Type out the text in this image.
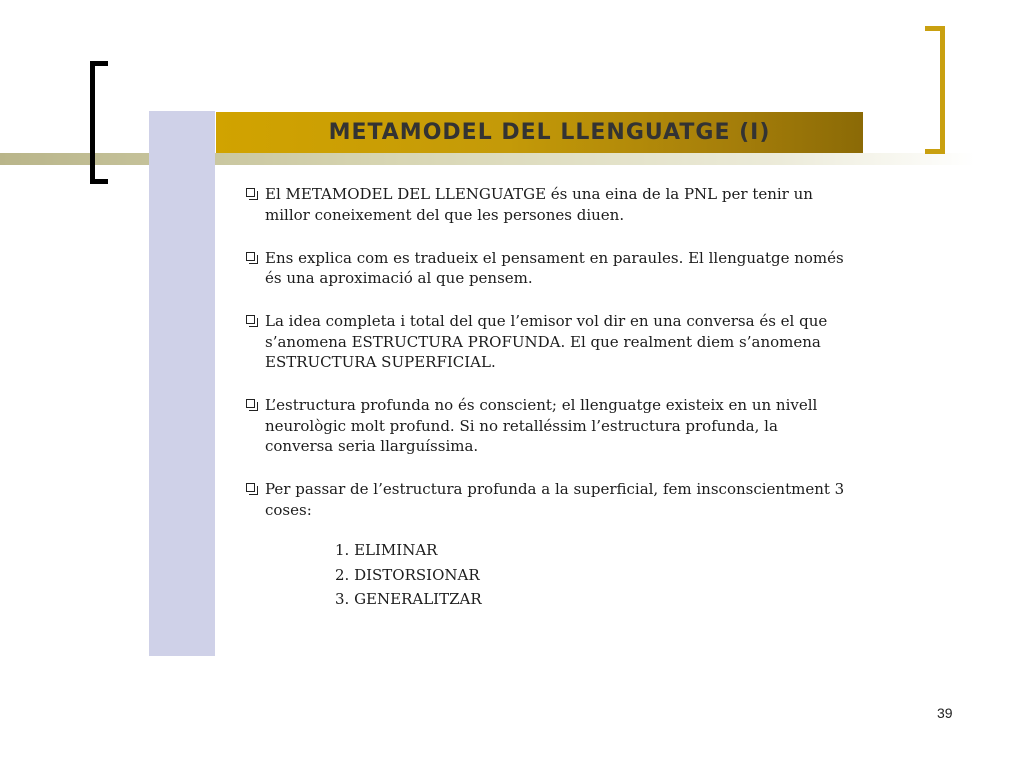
METAMODEL DEL LLENGUATGE (I)
El METAMODEL DEL LLENGUATGE és una eina de la PNL per tenir un millor coneixement del que les persones diuen.
Ens explica com es tradueix el pensament en paraules. El llenguatge només és una aproximació al que pensem.
La idea completa i total del que l’emisor vol dir en una conversa és el que s’anomena ESTRUCTURA PROFUNDA. El que realment diem s’anomena ESTRUCTURA SUPERFICIAL.
L’estructura profunda no és conscient; el llenguatge existeix en un nivell neurològic molt profund. Si no retalléssim l’estructura profunda, la conversa seria llarguíssima.
Per passar de l’estructura profunda a la superficial, fem insconscientment 3 coses:
1. ELIMINAR
2. DISTORSIONAR
3. GENERALITZAR
39
